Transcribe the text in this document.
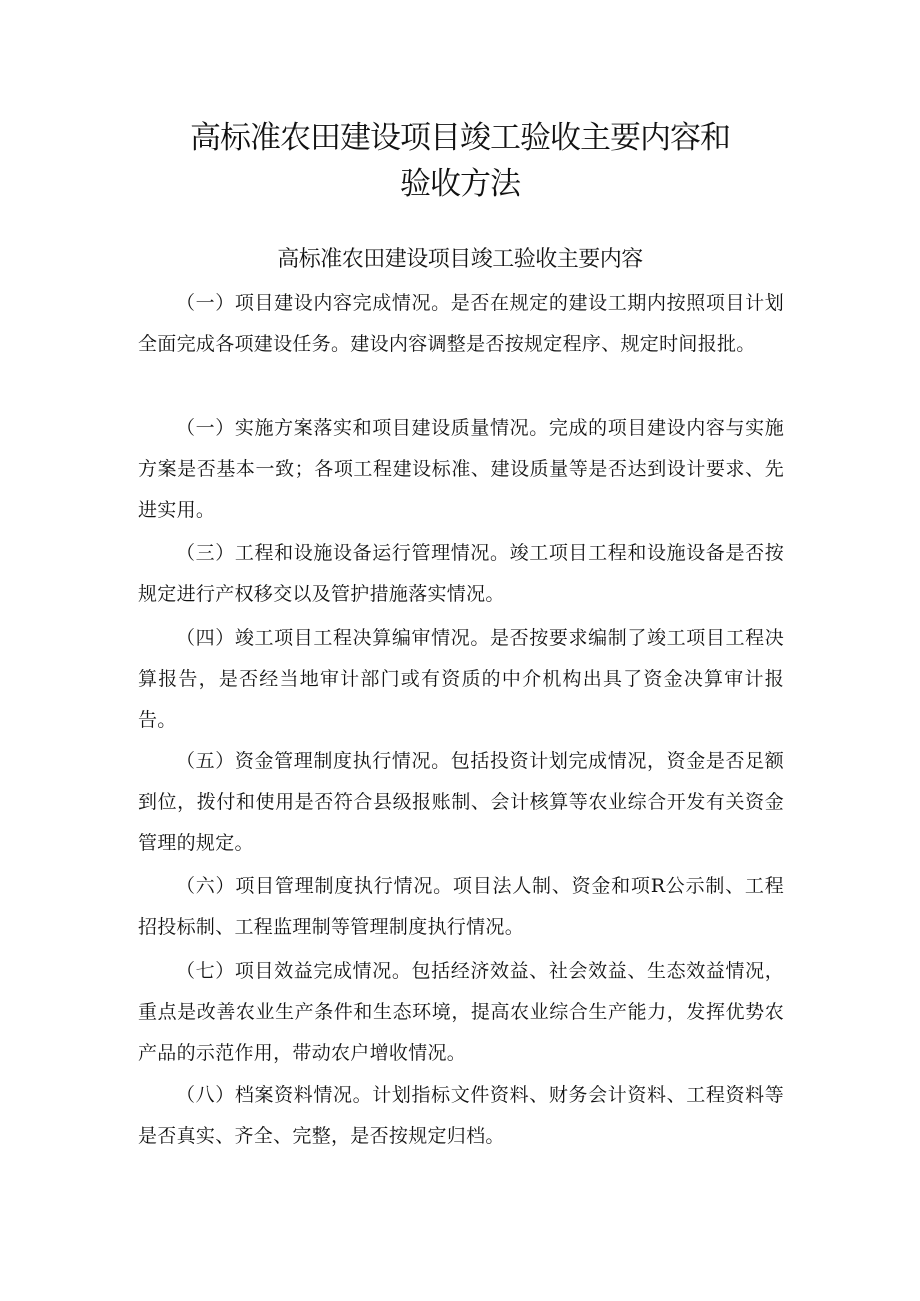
高标准农田建设项目竣工验收主要内容和
验收方法
高标准农田建设项目竣工验收主要内容

（一）项目建设内容完成情况。是否在规定的建设工期内按照项目计划全面完成各项建设任务。建设内容调整是否按规定程序、规定时间报批。

（一）实施方案落实和项目建设质量情况。完成的项目建设内容与实施方案是否基本一致；各项工程建设标准、建设质量等是否达到设计要求、先进实用。

（三）工程和设施设备运行管理情况。竣工项目工程和设施设备是否按规定进行产权移交以及管护措施落实情况。

（四）竣工项目工程决算编审情况。是否按要求编制了竣工项目工程决算报告，是否经当地审计部门或有资质的中介机构出具了资金决算审计报告。

（五）资金管理制度执行情况。包括投资计划完成情况，资金是否足额到位，拨付和使用是否符合县级报账制、会计核算等农业综合开发有关资金管理的规定。

（六）项目管理制度执行情况。项目法人制、资金和项R公示制、工程招投标制、工程监理制等管理制度执行情况。

（七）项目效益完成情况。包括经济效益、社会效益、生态效益情况，重点是改善农业生产条件和生态环境，提高农业综合生产能力，发挥优势农产品的示范作用，带动农户增收情况。

（八）档案资料情况。计划指标文件资料、财务会计资料、工程资料等是否真实、齐全、完整，是否按规定归档。
